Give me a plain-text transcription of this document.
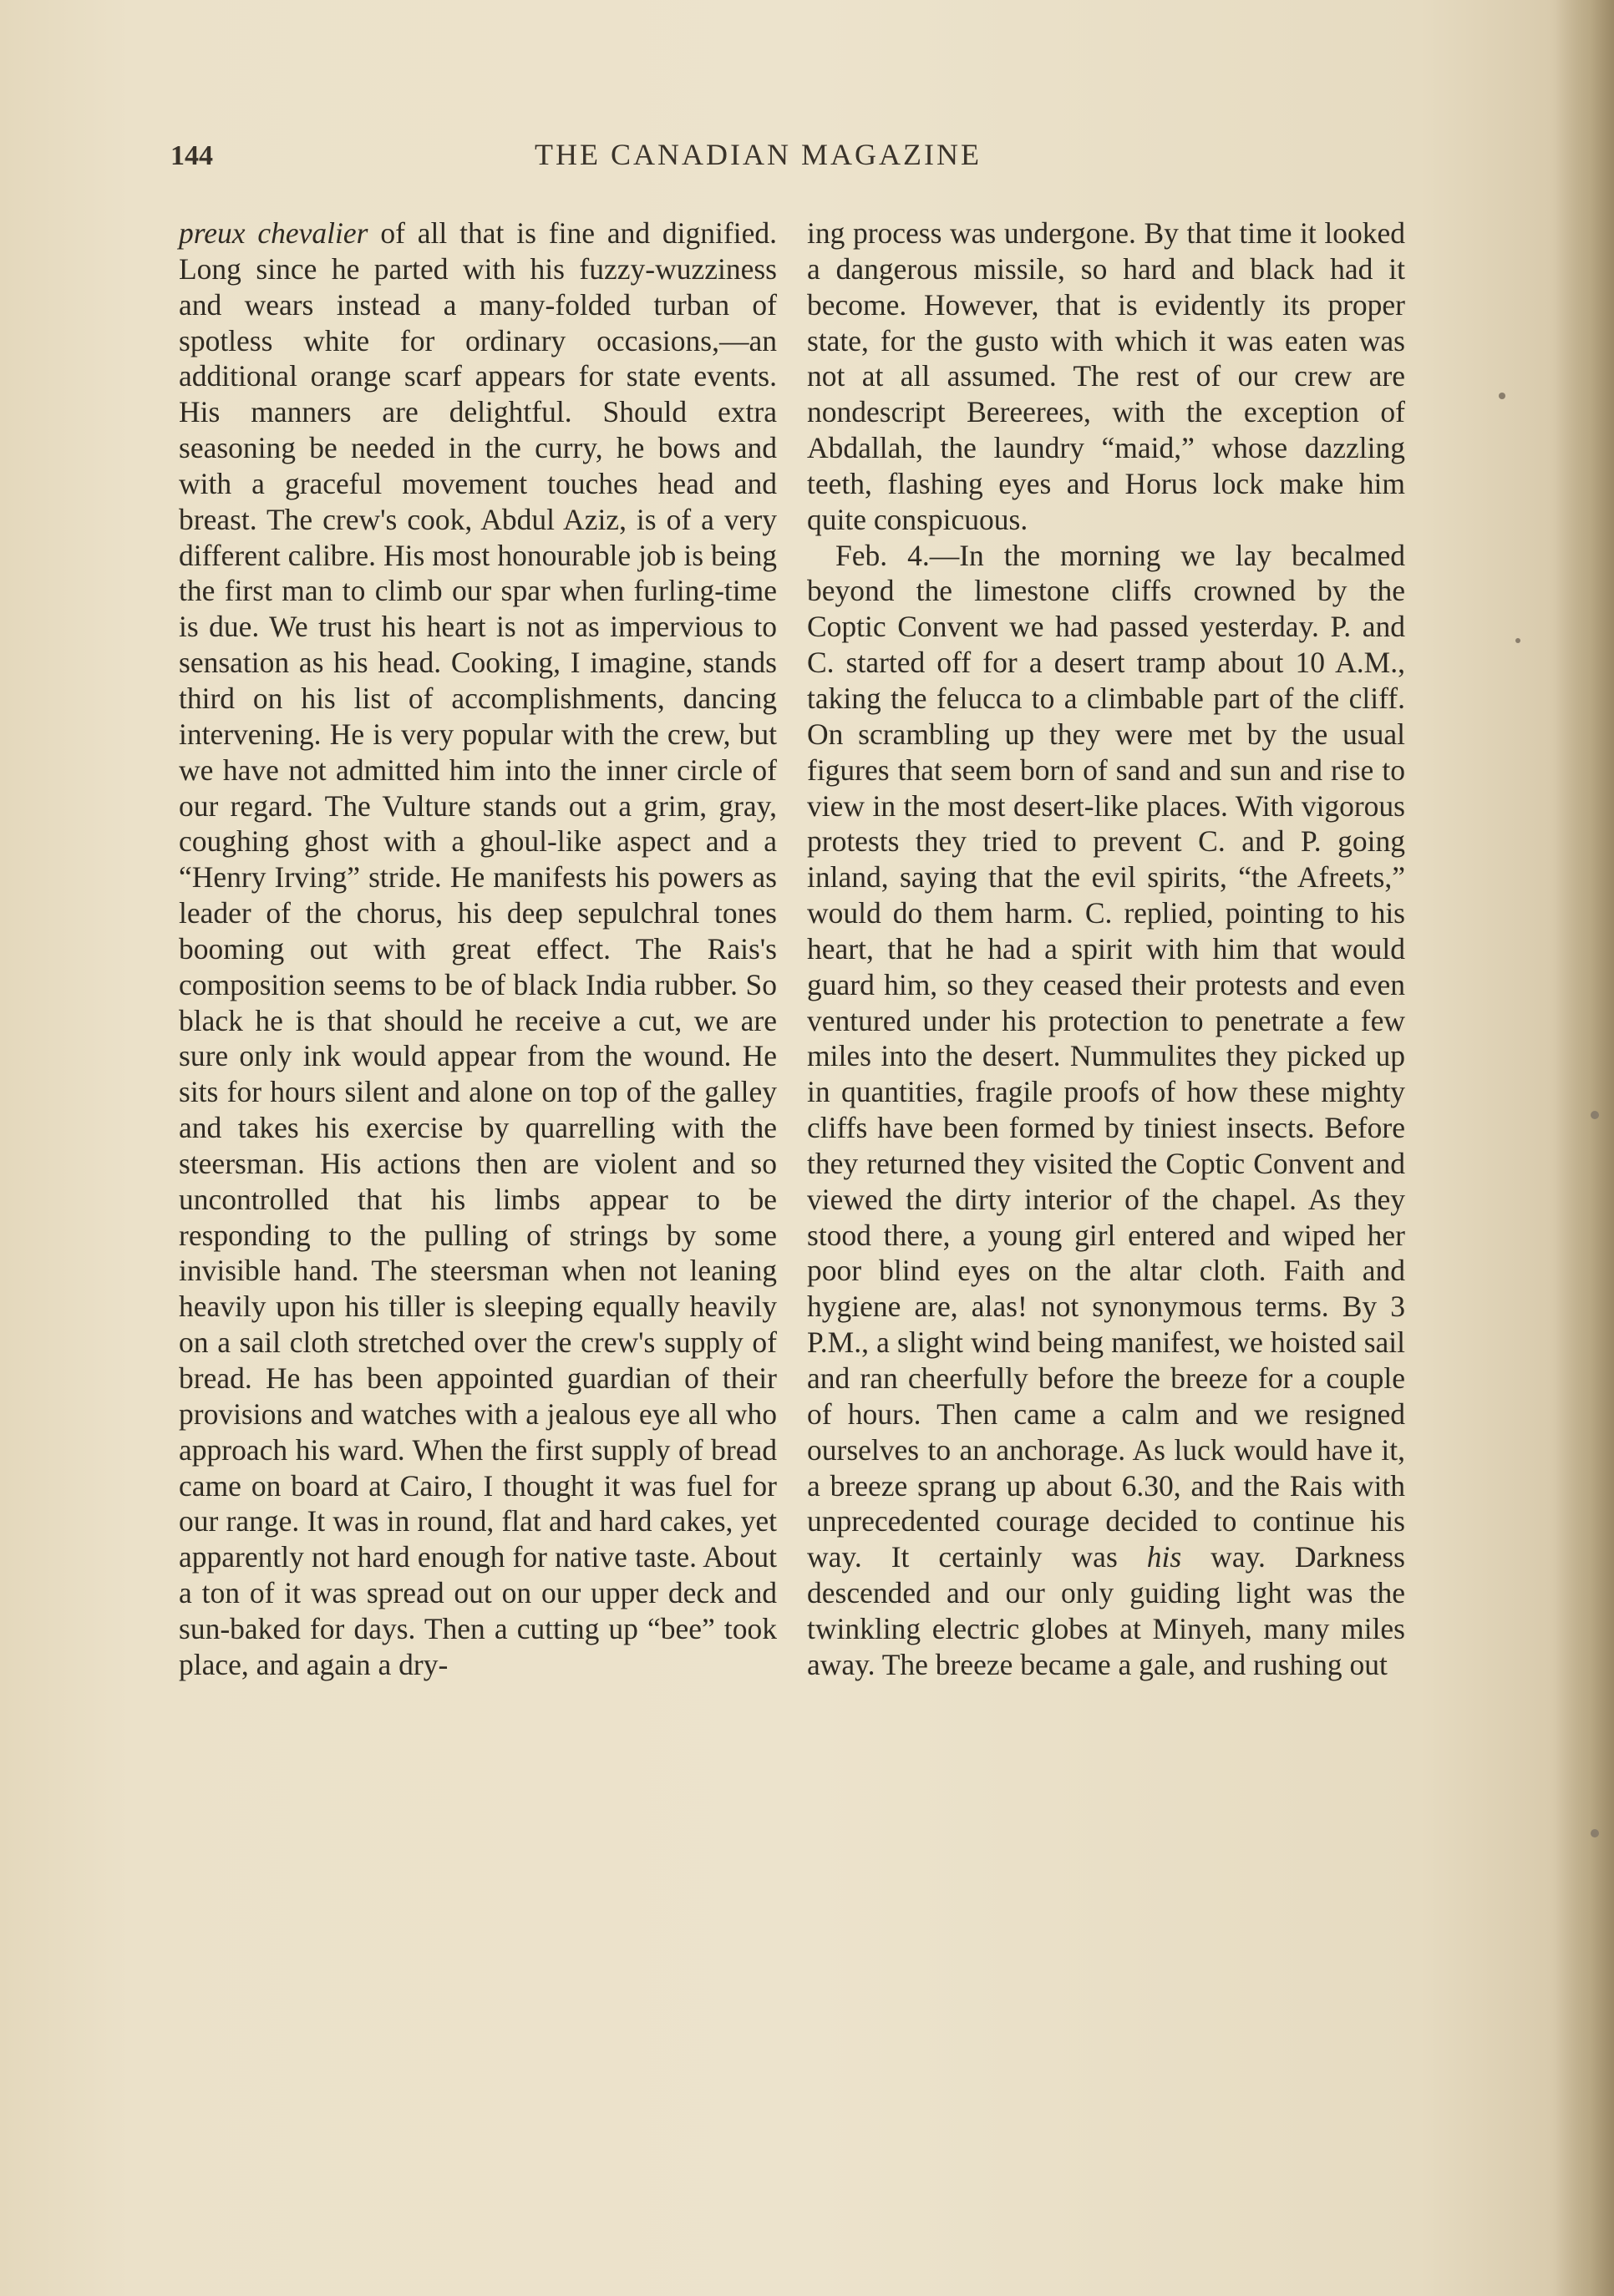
144	THE CANADIAN MAGAZINE

preux chevalier of all that is fine and dignified. Long since he parted with his fuzzy-wuzziness and wears instead a many-folded turban of spotless white for ordinary occasions,—an additional orange scarf appears for state events. His manners are delightful. Should extra seasoning be needed in the curry, he bows and with a graceful movement touches head and breast. The crew's cook, Abdul Aziz, is of a very different calibre. His most honourable job is being the first man to climb our spar when furling-time is due. We trust his heart is not as impervious to sensation as his head. Cooking, I imagine, stands third on his list of accomplishments, dancing intervening. He is very popular with the crew, but we have not admitted him into the inner circle of our regard. The Vulture stands out a grim, gray, coughing ghost with a ghoul-like aspect and a “Henry Irving” stride. He manifests his powers as leader of the chorus, his deep sepulchral tones booming out with great effect. The Rais's composition seems to be of black India rubber. So black he is that should he receive a cut, we are sure only ink would appear from the wound. He sits for hours silent and alone on top of the galley and takes his exercise by quarrelling with the steersman. His actions then are violent and so uncontrolled that his limbs appear to be responding to the pulling of strings by some invisible hand. The steersman when not leaning heavily upon his tiller is sleeping equally heavily on a sail cloth stretched over the crew's supply of bread. He has been appointed guardian of their provisions and watches with a jealous eye all who approach his ward. When the first supply of bread came on board at Cairo, I thought it was fuel for our range. It was in round, flat and hard cakes, yet apparently not hard enough for native taste. About a ton of it was spread out on our upper deck and sun-baked for days. Then a cutting up “bee” took place, and again a dry-

ing process was undergone. By that time it looked a dangerous missile, so hard and black had it become. However, that is evidently its proper state, for the gusto with which it was eaten was not at all assumed. The rest of our crew are nondescript Bereerees, with the exception of Abdallah, the laundry “maid,” whose dazzling teeth, flashing eyes and Horus lock make him quite conspicuous.

Feb. 4.—In the morning we lay becalmed beyond the limestone cliffs crowned by the Coptic Convent we had passed yesterday. P. and C. started off for a desert tramp about 10 A.M., taking the felucca to a climbable part of the cliff. On scrambling up they were met by the usual figures that seem born of sand and sun and rise to view in the most desert-like places. With vigorous protests they tried to prevent C. and P. going inland, saying that the evil spirits, “the Afreets,” would do them harm. C. replied, pointing to his heart, that he had a spirit with him that would guard him, so they ceased their protests and even ventured under his protection to penetrate a few miles into the desert. Nummulites they picked up in quantities, fragile proofs of how these mighty cliffs have been formed by tiniest insects. Before they returned they visited the Coptic Convent and viewed the dirty interior of the chapel. As they stood there, a young girl entered and wiped her poor blind eyes on the altar cloth. Faith and hygiene are, alas! not synonymous terms. By 3 P.M., a slight wind being manifest, we hoisted sail and ran cheerfully before the breeze for a couple of hours. Then came a calm and we resigned ourselves to an anchorage. As luck would have it, a breeze sprang up about 6.30, and the Rais with unprecedented courage decided to continue his way. It certainly was his way. Darkness descended and our only guiding light was the twinkling electric globes at Minyeh, many miles away. The breeze became a gale, and rushing out
